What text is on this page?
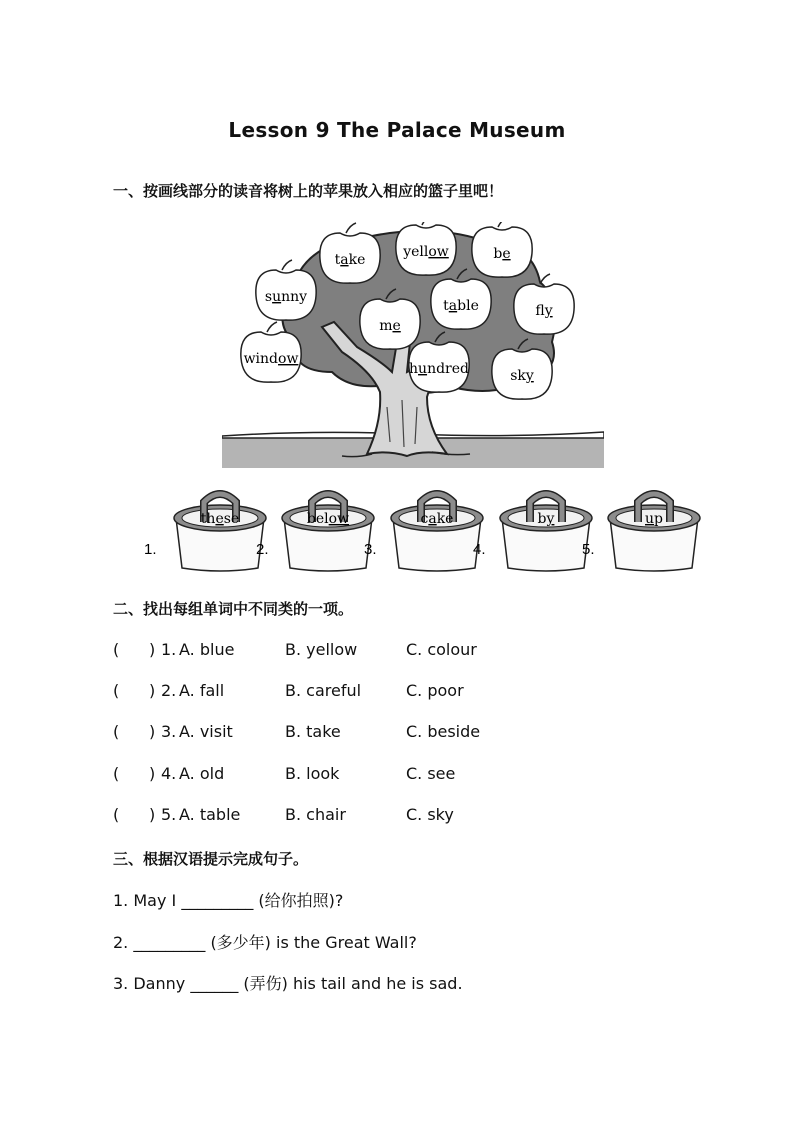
Lesson 9 The Palace Museum
一、按画线部分的读音将树上的苹果放入相应的篮子里吧！
take	yellow	be
sunny
me
table	fly
window
hundred	sky
1.
these
2.
below
3.
cake
4.
by
5.
up
二、找出每组单词中不同类的一项。
( ) 1. A. blue	B. yellow	C. colour
( ) 2. A. fall	B. careful	C. poor
( ) 3. A. visit	B. take	C. beside
( ) 4. A. old	B. look	C. see
( ) 5. A. table	B. chair	C. sky
三、根据汉语提示完成句子。
1. May I _________ (给你拍照)?
2. _________ (多少年) is the Great Wall?
3. Danny ______ (弄伤) his tail and he is sad.
